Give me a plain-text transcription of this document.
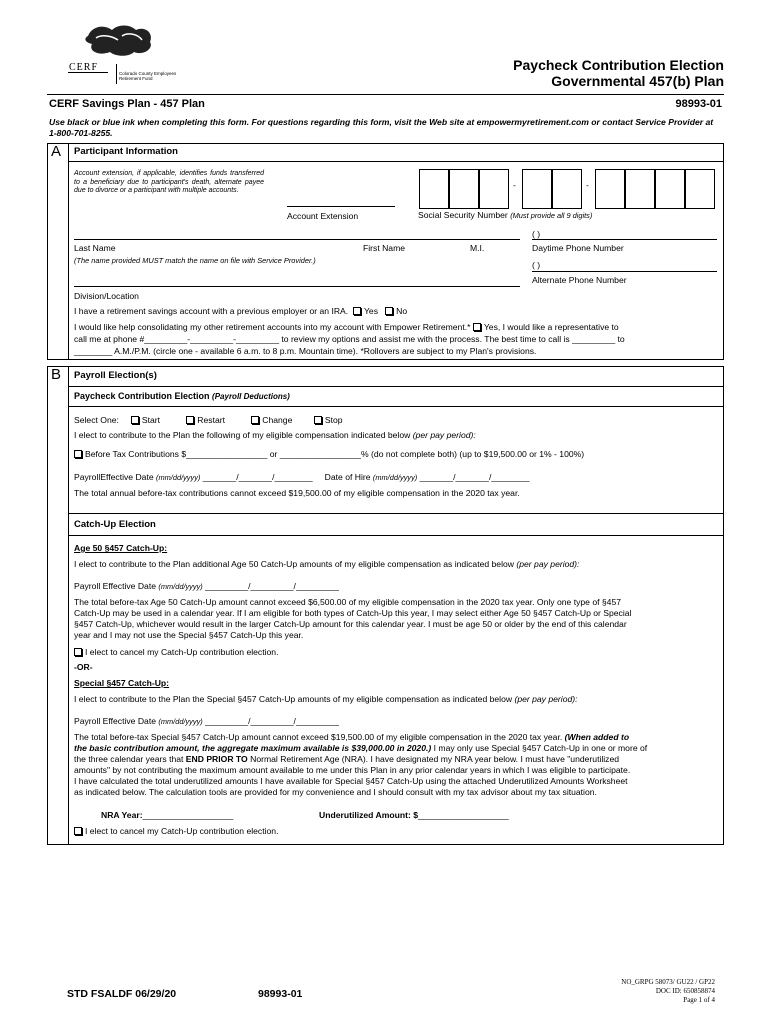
CERF
Colorado County Employees Retirement Fund
Paycheck Contribution Election
Governmental 457(b) Plan
CERF Savings Plan - 457 Plan	98993-01
Use black or blue ink when completing this form. For questions regarding this form, visit the Web site at empowermyretirement.com or contact Service Provider at 1-800-701-8255.
A Participant Information
Account extension, if applicable, identifies funds transferred to a beneficiary due to participant's death, alternate payee due to divorce or a participant with multiple accounts.
Account Extension
-	-
Social Security Number (Must provide all 9 digits)
( )
Last Name	First Name	M.I.	Daytime Phone Number
(The name provided MUST match the name on file with Service Provider.)	( )
Alternate Phone Number
Division/Location
I have a retirement savings account with a previous employer or an IRA. Yes No
I would like help consolidating my other retirement accounts into my account with Empower Retirement.* Yes, I would like a representative to
call me at phone #_________-_________-_________ to review my options and assist me with the process. The best time to call is _________ to
________ A.M./P.M. (circle one - available 6 a.m. to 8 p.m. Mountain time). *Rollovers are subject to my Plan's provisions.
B Payroll Election(s)
Paycheck Contribution Election (Payroll Deductions)
Select One:	Start	Restart	Change	Stop
I elect to contribute to the Plan the following of my eligible compensation indicated below (per pay period):
Before Tax Contributions $_________________ or _________________% (do not complete both) (up to $19,500.00 or 1% - 100%)
PayrollEffective Date (mm/dd/yyyy) _______/_______/________ Date of Hire (mm/dd/yyyy) _______/_______/________
The total annual before-tax contributions cannot exceed $19,500.00 of my eligible compensation in the 2020 tax year.
Catch-Up Election
Age 50 §457 Catch-Up:
I elect to contribute to the Plan additional Age 50 Catch-Up amounts of my eligible compensation as indicated below (per pay period):
Payroll Effective Date (mm/dd/yyyy) _________/_________/_________
The total before-tax Age 50 Catch-Up amount cannot exceed $6,500.00 of my eligible compensation in the 2020 tax year. Only one type of §457
Catch-Up may be used in a calendar year. If I am eligible for both types of Catch-Up this year, I may select either Age 50 §457 Catch-Up or Special
§457 Catch-Up, whichever would result in the larger Catch-Up amount for this calendar year. I must be age 50 or older by the end of this calendar
year and I may not use the Special §457 Catch-Up this year.
I elect to cancel my Catch-Up contribution election.
-OR-
Special §457 Catch-Up:
I elect to contribute to the Plan the Special §457 Catch-Up amounts of my eligible compensation as indicated below (per pay period):
Payroll Effective Date (mm/dd/yyyy) _________/_________/_________
The total before-tax Special §457 Catch-Up amount cannot exceed $19,500.00 of my eligible compensation in the 2020 tax year. (When added to
the basic contribution amount, the aggregate maximum available is $39,000.00 in 2020.) I may only use Special §457 Catch-Up in one or more of
the three calendar years that END PRIOR TO Normal Retirement Age (NRA). I have designated my NRA year below. I must have "underutilized
amounts" by not contributing the maximum amount available to me under this Plan in any prior calendar years in which I was eligible to participate.
I have calculated the total underutilized amounts I have available for Special §457 Catch-Up using the attached Underutilized Amounts Worksheet
as indicated below. The calculation tools are provided for my convenience and I should consult with my tax advisor about my tax situation.
NRA Year:___________________	Underutilized Amount: $___________________
I elect to cancel my Catch-Up contribution election.
STD FSALDF 06/29/20	98993-01
NO_GRPG 58073/ GU22 / GP22
DOC ID: 650858874
Page 1 of 4
